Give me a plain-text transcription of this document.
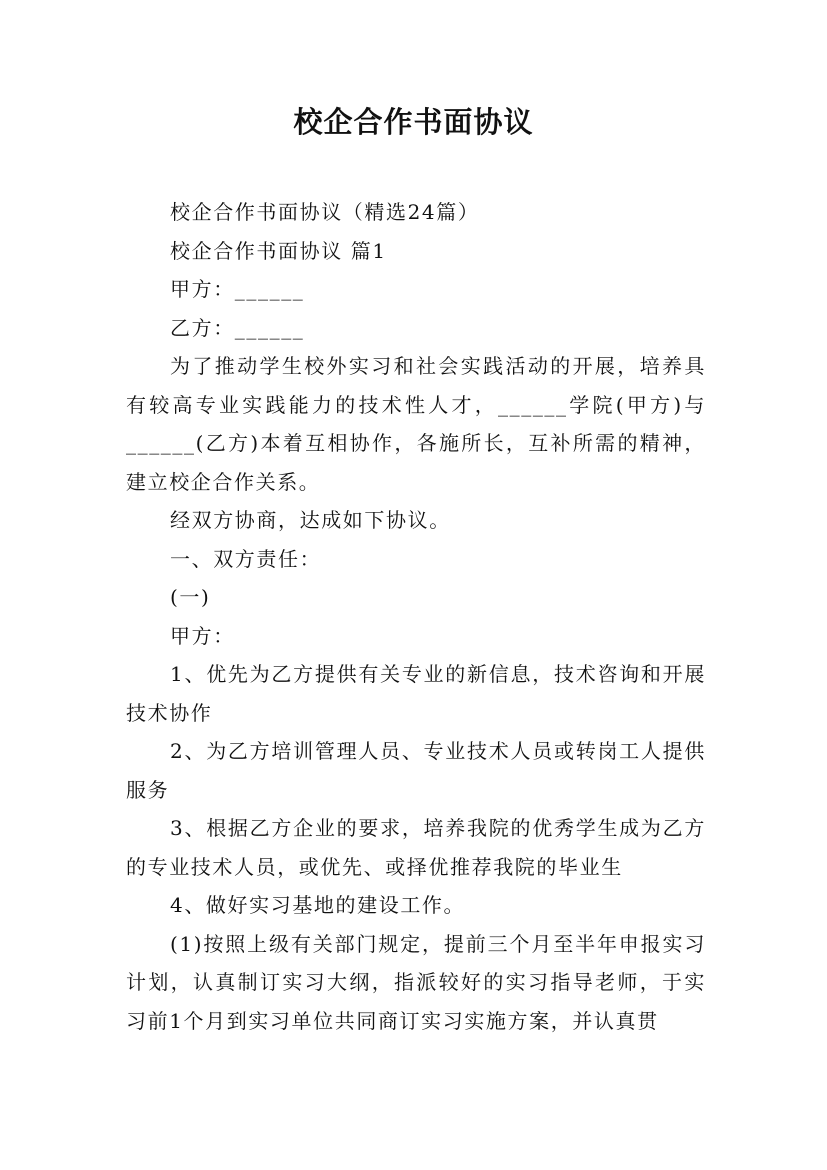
校企合作书面协议

校企合作书面协议（精选24篇）

校企合作书面协议 篇1

甲方：______

乙方：______

为了推动学生校外实习和社会实践活动的开展，培养具有较高专业实践能力的技术性人才，______学院(甲方)与______(乙方)本着互相协作，各施所长，互补所需的精神，建立校企合作关系。

经双方协商，达成如下协议。

一、双方责任：

(一)

甲方：

1、优先为乙方提供有关专业的新信息，技术咨询和开展技术协作

2、为乙方培训管理人员、专业技术人员或转岗工人提供服务

3、根据乙方企业的要求，培养我院的优秀学生成为乙方的专业技术人员，或优先、或择优推荐我院的毕业生

4、做好实习基地的建设工作。

(1)按照上级有关部门规定，提前三个月至半年申报实习计划，认真制订实习大纲，指派较好的实习指导老师，于实习前1个月到实习单位共同商订实习实施方案，并认真贯
